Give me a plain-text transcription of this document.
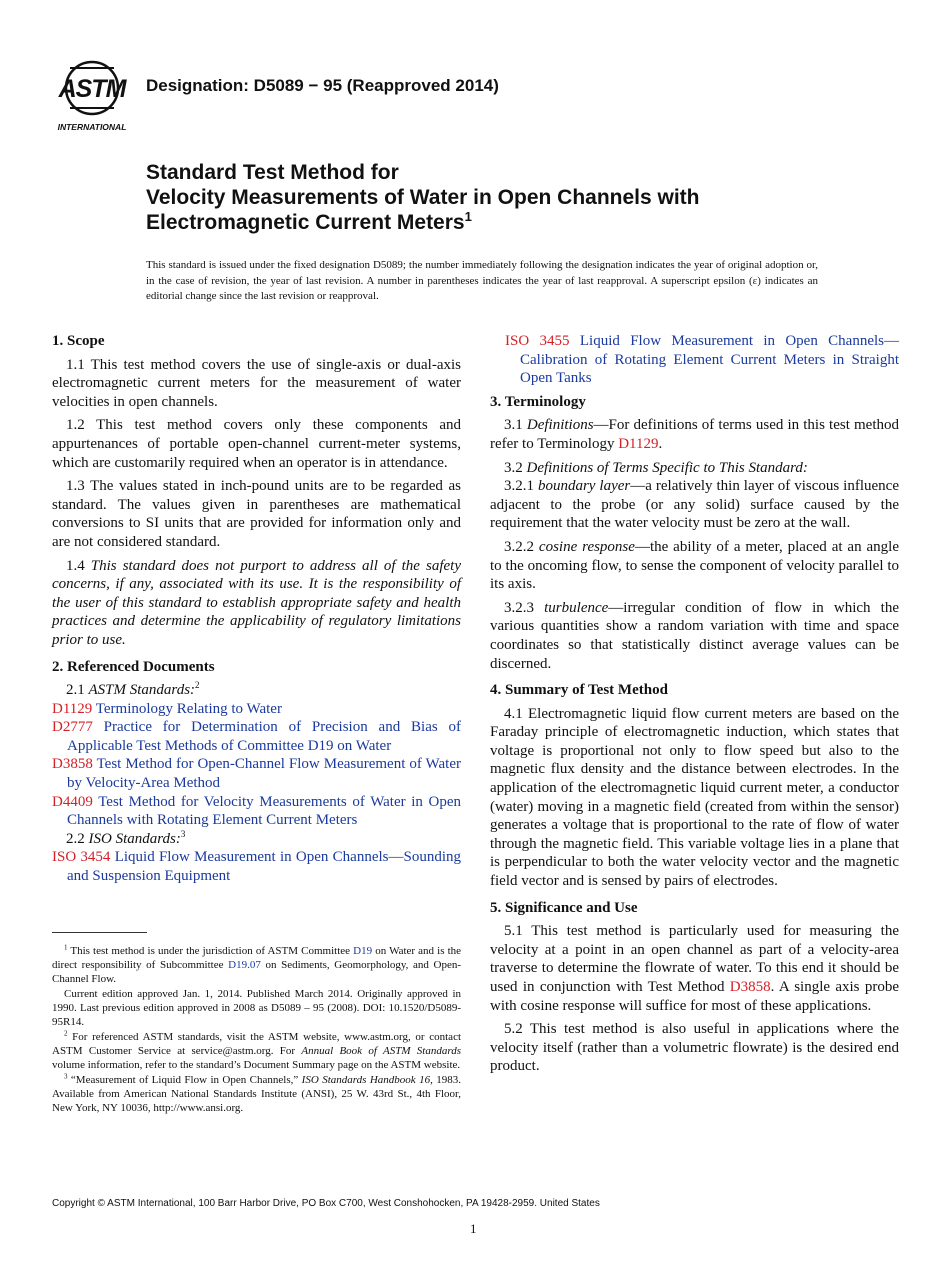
ASTM
INTERNATIONAL
Designation: D5089 − 95 (Reapproved 2014)
Standard Test Method for
Velocity Measurements of Water in Open Channels with
Electromagnetic Current Meters$^1$
This standard is issued under the fixed designation D5089; the number immediately following the designation indicates the year of original adoption or, in the case of revision, the year of last revision. A number in parentheses indicates the year of last reapproval. A superscript epsilon (ε) indicates an editorial change since the last revision or reapproval.
1. Scope

1.1 This test method covers the use of single-axis or dual-axis electromagnetic current meters for the measurement of water velocities in open channels.

1.2 This test method covers only these components and appurtenances of portable open-channel current-meter systems, which are customarily required when an operator is in attendance.

1.3 The values stated in inch-pound units are to be regarded as standard. The values given in parentheses are mathematical conversions to SI units that are provided for information only and are not considered standard.

1.4 This standard does not purport to address all of the safety concerns, if any, associated with its use. It is the responsibility of the user of this standard to establish appropriate safety and health practices and determine the applicability of regulatory limitations prior to use.

2. Referenced Documents

2.1 ASTM Standards:$^2$

D1129 Terminology Relating to Water
D2777 Practice for Determination of Precision and Bias of Applicable Test Methods of Committee D19 on Water
D3858 Test Method for Open-Channel Flow Measurement of Water by Velocity-Area Method
D4409 Test Method for Velocity Measurements of Water in Open Channels with Rotating Element Current Meters

2.2 ISO Standards:$^3$

ISO 3454 Liquid Flow Measurement in Open Channels—Sounding and Suspension Equipment

$^1$ This test method is under the jurisdiction of ASTM Committee D19 on Water and is the direct responsibility of Subcommittee D19.07 on Sediments, Geomorphology, and Open-Channel Flow.

Current edition approved Jan. 1, 2014. Published March 2014. Originally approved in 1990. Last previous edition approved in 2008 as D5089 – 95 (2008). DOI: 10.1520/D5089-95R14.

$^2$ For referenced ASTM standards, visit the ASTM website, www.astm.org, or contact ASTM Customer Service at service@astm.org. For Annual Book of ASTM Standards volume information, refer to the standard’s Document Summary page on the ASTM website.

$^3$ “Measurement of Liquid Flow in Open Channels,” ISO Standards Handbook 16, 1983. Available from American National Standards Institute (ANSI), 25 W. 43rd St., 4th Floor, New York, NY 10036, http://www.ansi.org.

ISO 3455 Liquid Flow Measurement in Open Channels—Calibration of Rotating Element Current Meters in Straight Open Tanks
3. Terminology

3.1 Definitions—For definitions of terms used in this test method refer to Terminology D1129.

3.2 Definitions of Terms Specific to This Standard:

3.2.1 boundary layer—a relatively thin layer of viscous influence adjacent to the probe (or any solid) surface caused by the requirement that the water velocity must be zero at the wall.

3.2.2 cosine response—the ability of a meter, placed at an angle to the oncoming flow, to sense the component of velocity parallel to its axis.

3.2.3 turbulence—irregular condition of flow in which the various quantities show a random variation with time and space coordinates so that statistically distinct average values can be discerned.

4. Summary of Test Method

4.1 Electromagnetic liquid flow current meters are based on the Faraday principle of electromagnetic induction, which states that voltage is proportional not only to flow speed but also to the magnetic flux density and the distance between electrodes. In the application of the electromagnetic liquid current meter, a conductor (water) moving in a magnetic field (created from within the sensor) generates a voltage that is proportional to the rate of flow of water through the magnetic field. This variable voltage lies in a plane that is perpendicular to both the water velocity vector and the magnetic field vector and is sensed by pairs of electrodes.

5. Significance and Use

5.1 This test method is particularly used for measuring the velocity at a point in an open channel as part of a velocity-area traverse to determine the flowrate of water. To this end it should be used in conjunction with Test Method D3858. A single axis probe with cosine response will suffice for most of these applications.

5.2 This test method is also useful in applications where the velocity itself (rather than a volumetric flowrate) is the desired end product.

Copyright © ASTM International, 100 Barr Harbor Drive, PO Box C700, West Conshohocken, PA 19428-2959. United States
1
